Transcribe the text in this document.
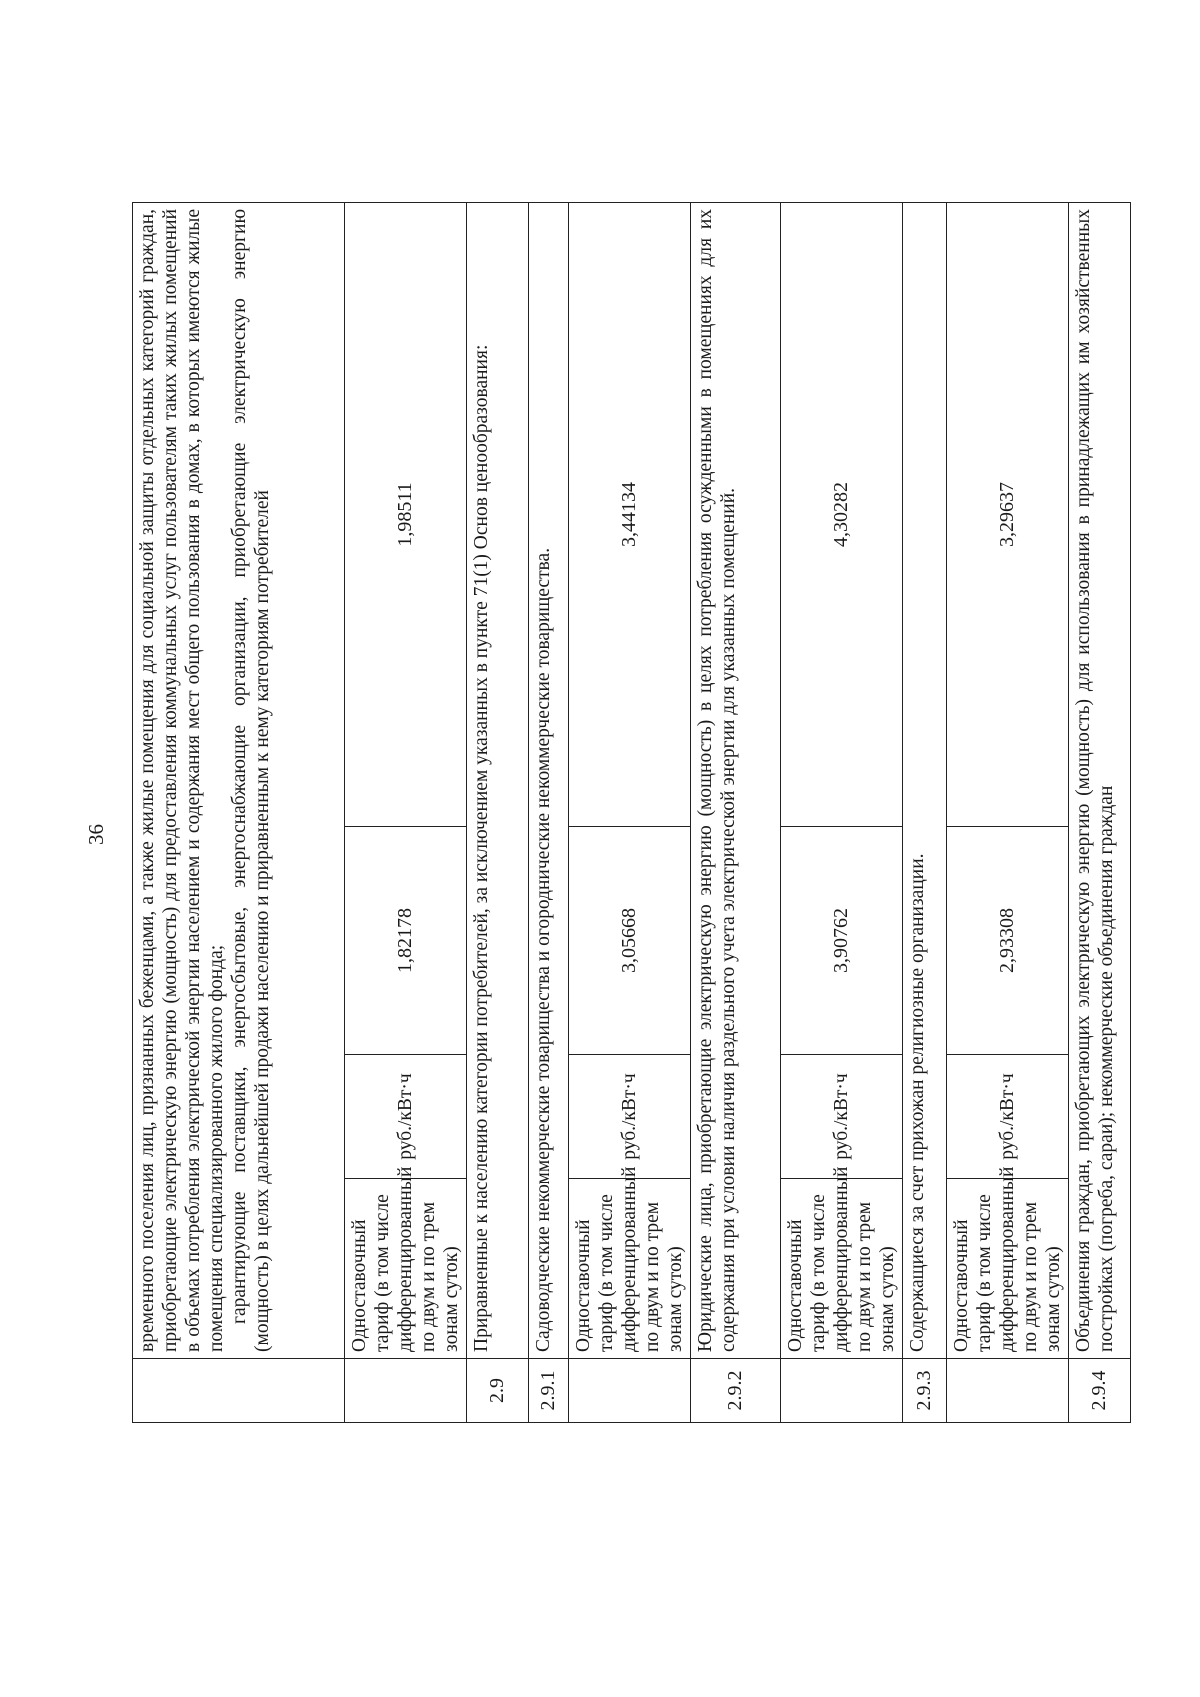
36

	временного поселения лиц, признанных беженцами, а также жилые помещения для социальной защиты отдельных категорий граждан, приобретающие электрическую энергию (мощность) для предоставления коммунальных услуг пользователям таких жилых помещений в объемах потребления электрической энергии населением и содержания мест общего пользования в домах, в которых имеются жилые помещения специализированного жилого фонда; гарантирующие поставщики, энергосбытовые, энергоснабжающие организации, приобретающие электрическую энергию (мощность) в целях дальнейшей продажи населению и приравненным к нему категориям потребителей			

	Одноставочный тариф (в том числе дифференцированный по двум и по трем зонам суток)	руб./кВт·ч	1,82178	1,98511
2.9	Приравненные к населению категории потребителей, за исключением указанных в пункте 71(1) Основ ценообразования:			
2.9.1	Садоводческие некоммерческие товарищества и огороднические некоммерческие товарищества.			
	Одноставочный тариф (в том числе дифференцированный по двум и по трем зонам суток)	руб./кВт·ч	3,05668	3,44134
2.9.2	Юридические лица, приобретающие электрическую энергию (мощность) в целях потребления осужденными в помещениях для их содержания при условии наличия раздельного учета электрической энергии для указанных помещений.			
	Одноставочный тариф (в том числе дифференцированный по двум и по трем зонам суток)	руб./кВт·ч	3,90762	4,30282
2.9.3	Содержащиеся за счет прихожан религиозные организации.			
	Одноставочный тариф (в том числе дифференцированный по двум и по трем зонам суток)	руб./кВт·ч	2,93308	3,29637
2.9.4	Объединения граждан, приобретающих электрическую энергию (мощность) для использования в принадлежащих им хозяйственных постройках (погреба, сараи); некоммерческие объединения граждан			
